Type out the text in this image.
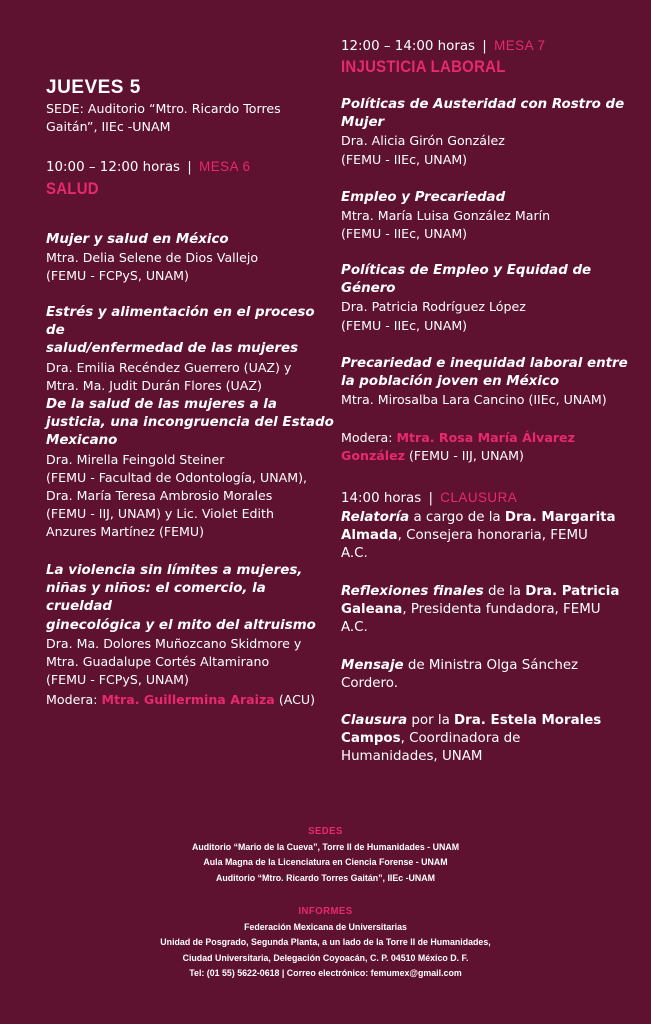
JUEVES 5
SEDE: Auditorio “Mtro. Ricardo Torres
Gaitán”, IIEc -UNAM
10:00 – 12:00 horas | MESA 6
SALUD
Mujer y salud en México
Mtra. Delia Selene de Dios Vallejo
(FEMU - FCPyS, UNAM)
Estrés y alimentación en el proceso de
salud/enfermedad de las mujeres
Dra. Emilia Recéndez Guerrero (UAZ) y
Mtra. Ma. Judit Durán Flores (UAZ)
De la salud de las mujeres a la
justicia, una incongruencia del Estado
Mexicano
Dra. Mirella Feingold Steiner
(FEMU - Facultad de Odontología, UNAM),
Dra. María Teresa Ambrosio Morales
(FEMU - IIJ, UNAM) y Lic. Violet Edith
Anzures Martínez (FEMU)
La violencia sin límites a mujeres,
niñas y niños: el comercio, la crueldad
ginecológica y el mito del altruismo
Dra. Ma. Dolores Muñozcano Skidmore y
Mtra. Guadalupe Cortés Altamirano
(FEMU - FCPyS, UNAM)
Modera: Mtra. Guillermina Araiza (ACU)
12:00 – 14:00 horas | MESA 7
INJUSTICIA LABORAL
Políticas de Austeridad con Rostro de
Mujer
Dra. Alicia Girón González
(FEMU - IIEc, UNAM)
Empleo y Precariedad
Mtra. María Luisa González Marín
(FEMU - IIEc, UNAM)
Políticas de Empleo y Equidad de
Género
Dra. Patricia Rodríguez López
(FEMU - IIEc, UNAM)
Precariedad e inequidad laboral entre
la población joven en México
Mtra. Mirosalba Lara Cancino (IIEc, UNAM)
Modera: Mtra. Rosa María Álvarez
González (FEMU - IIJ, UNAM)
14:00 horas | CLAUSURA
Relatoría a cargo de la Dra. Margarita
Almada, Consejera honoraria, FEMU
A.C.
Reflexiones finales de la Dra. Patricia
Galeana, Presidenta fundadora, FEMU
A.C.
Mensaje de Ministra Olga Sánchez
Cordero.
Clausura por la Dra. Estela Morales
Campos, Coordinadora de
Humanidades, UNAM
SEDES
Auditorio “Mario de la Cueva”, Torre II de Humanidades - UNAM
Aula Magna de la Licenciatura en Ciencia Forense - UNAM
Auditorio “Mtro. Ricardo Torres Gaitán”, IIEc -UNAM
INFORMES
Federación Mexicana de Universitarias
Unidad de Posgrado, Segunda Planta, a un lado de la Torre II de Humanidades,
Ciudad Universitaria, Delegación Coyoacán, C. P. 04510 México D. F.
Tel: (01 55) 5622-0618 | Correo electrónico: femumex@gmail.com
